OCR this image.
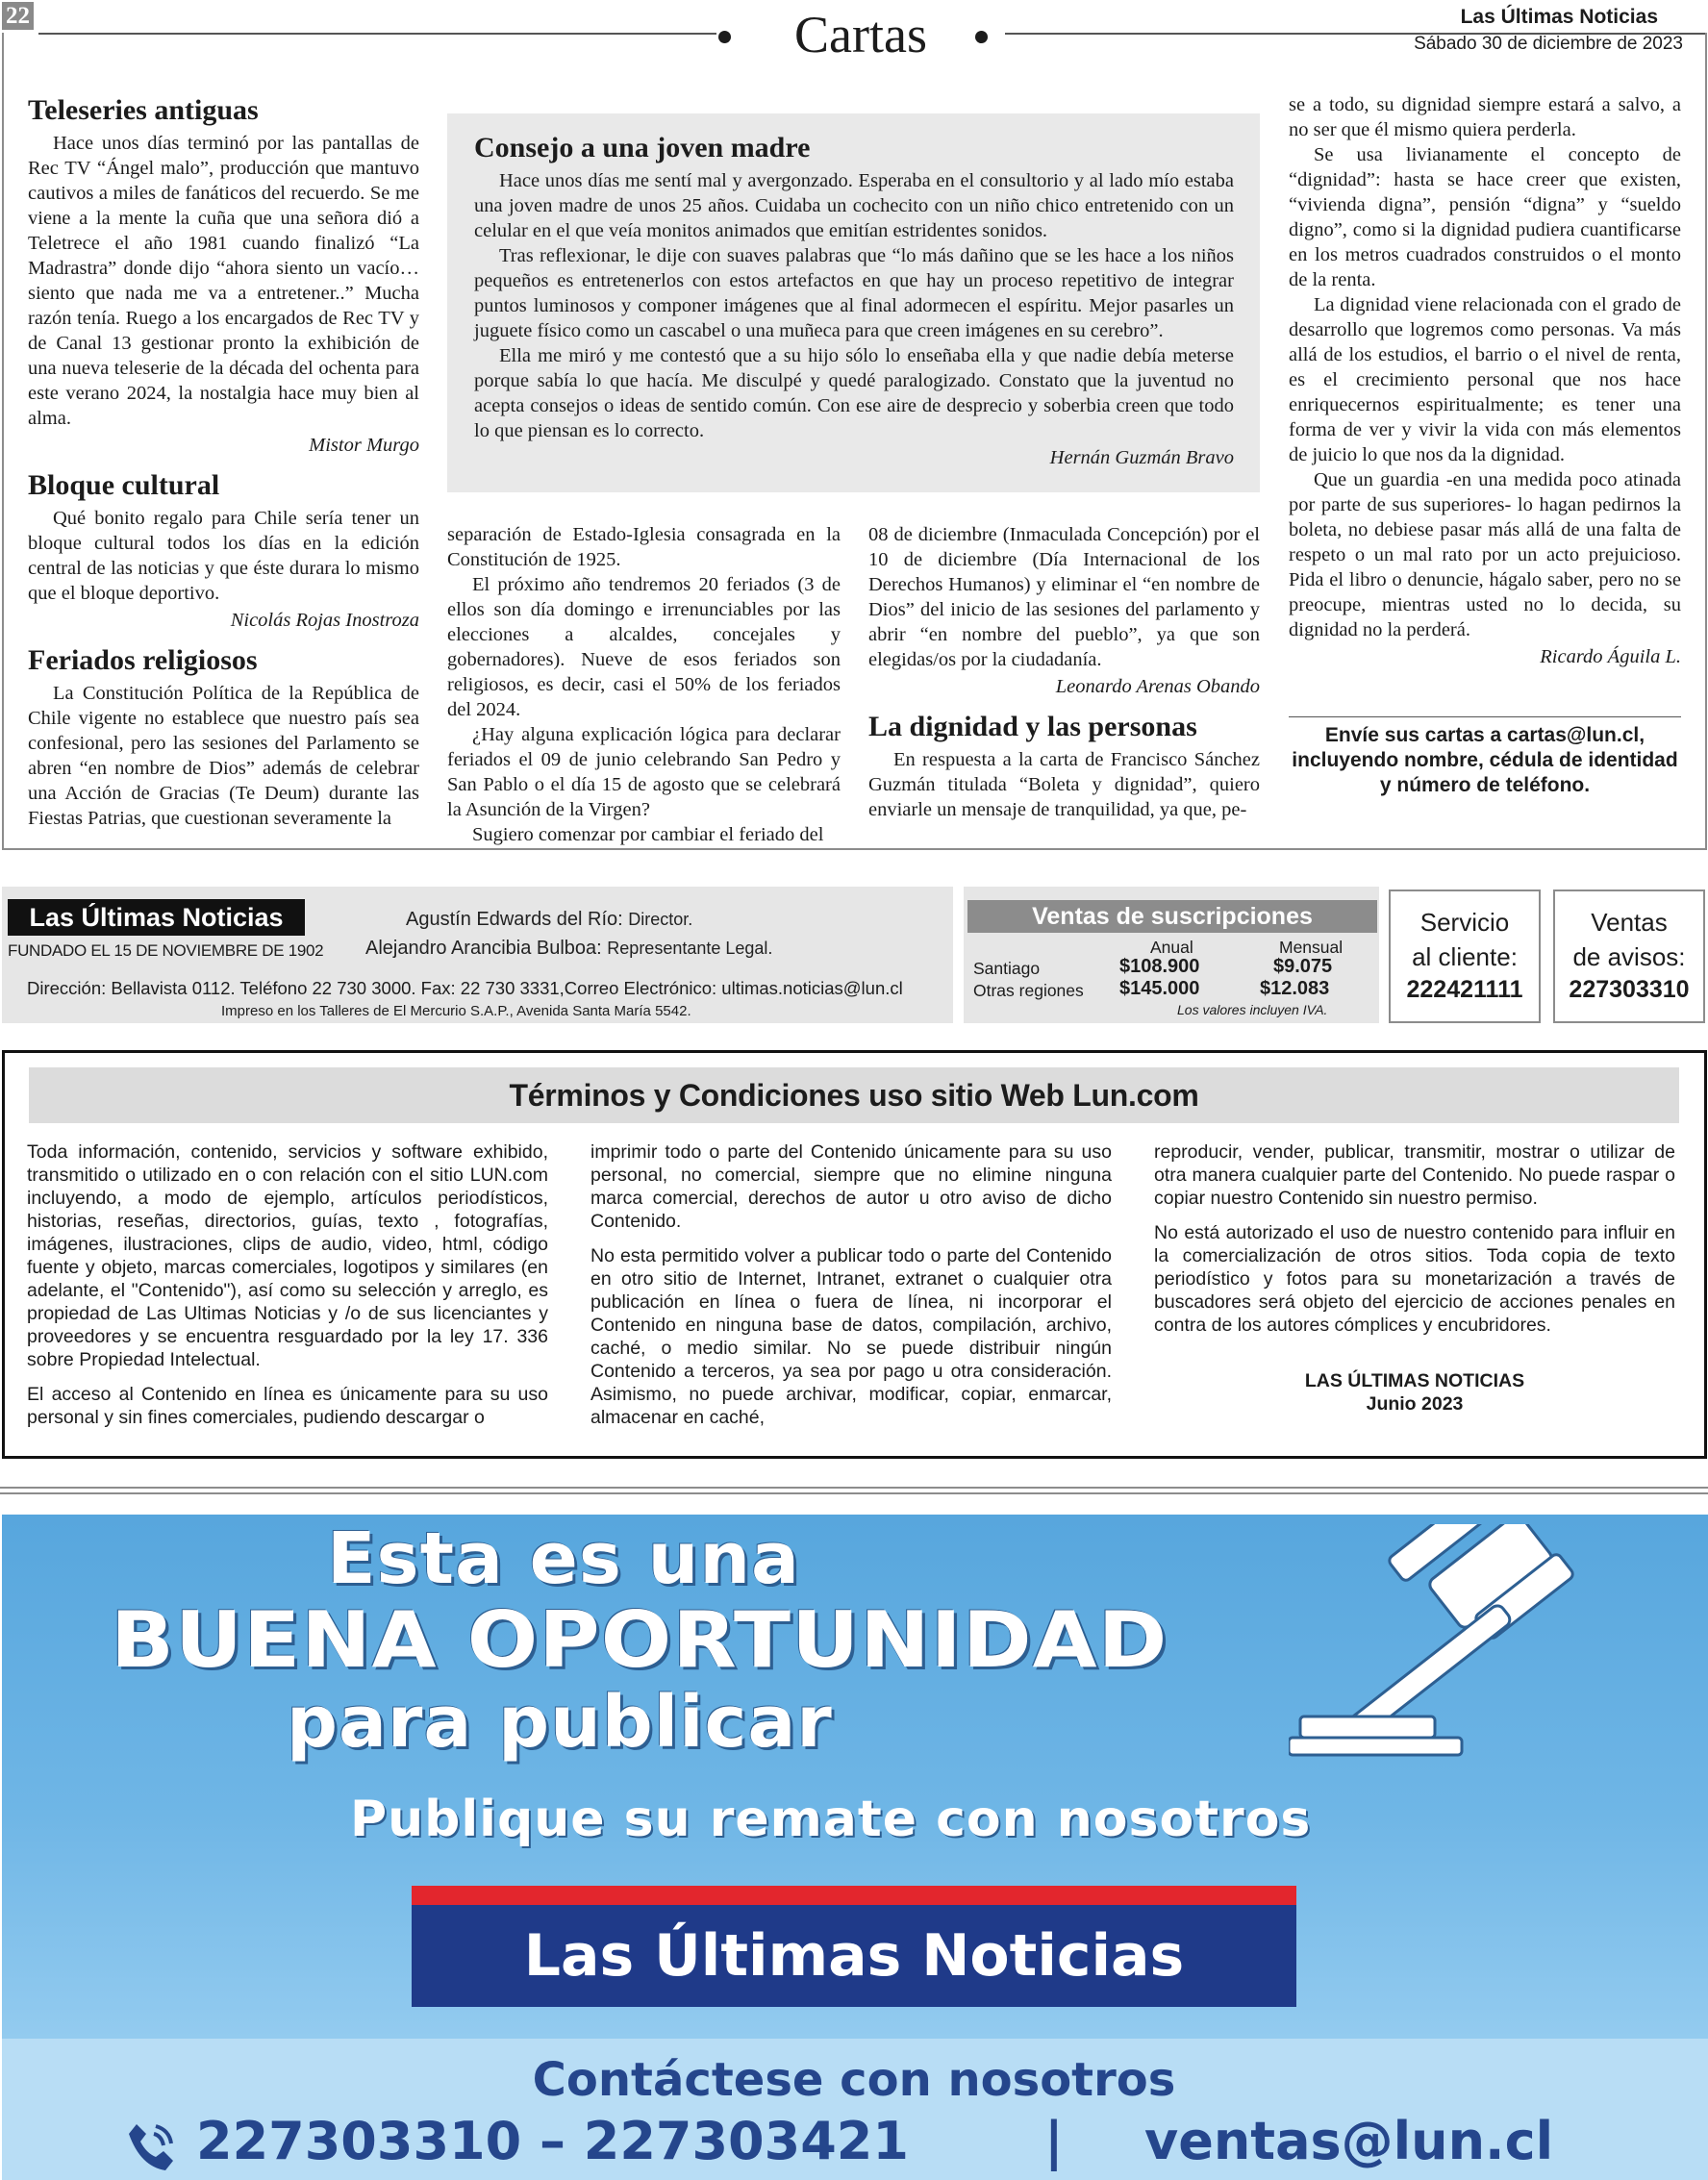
22	Cartas	Las Últimas Noticias
Sábado 30 de diciembre de 2023
Teleseries antiguas

Hace unos días terminó por las pantallas de Rec TV “Ángel malo”, producción que mantuvo cautivos a miles de fanáticos del recuerdo. Se me viene a la mente la cuña que una señora dió a Teletrece el año 1981 cuando finalizó “La Madrastra” donde dijo “ahora siento un vacío… siento que nada me va a entretener..” Mucha razón tenía. Ruego a los encargados de Rec TV y de Canal 13 gestionar pronto la exhibición de una nueva teleserie de la década del ochenta para este verano 2024, la nostalgia hace muy bien al alma.

Mistor Murgo

Bloque cultural

Qué bonito regalo para Chile sería tener un bloque cultural todos los días en la edición central de las noticias y que éste durara lo mismo que el bloque deportivo.

Nicolás Rojas Inostroza

Feriados religiosos

La Constitución Política de la República de Chile vigente no establece que nuestro país sea confesional, pero las sesiones del Parlamento se abren “en nombre de Dios” además de celebrar una Acción de Gracias (Te Deum) durante las Fiestas Patrias, que cuestionan severamente la

Consejo a una joven madre

Hace unos días me sentí mal y avergonzado. Esperaba en el consultorio y al lado mío estaba una joven madre de unos 25 años. Cuidaba un cochecito con un niño chico entretenido con un celular en el que veía monitos animados que emitían estridentes sonidos.

Tras reflexionar, le dije con suaves palabras que “lo más dañino que se les hace a los niños pequeños es entretenerlos con estos artefactos en que hay un proceso repetitivo de integrar puntos luminosos y componer imágenes que al final adormecen el espíritu. Mejor pasarles un juguete físico como un cascabel o una muñeca para que creen imágenes en su cerebro”.

Ella me miró y me contestó que a su hijo sólo lo enseñaba ella y que nadie debía meterse porque sabía lo que hacía. Me disculpé y quedé paralogizado. Constato que la juventud no acepta consejos o ideas de sentido común. Con ese aire de desprecio y soberbia creen que todo lo que piensan es lo correcto.

Hernán Guzmán Bravo

separación de Estado-Iglesia consagrada en la Constitución de 1925.

El próximo año tendremos 20 feriados (3 de ellos son día domingo e irrenunciables por las elecciones a alcaldes, concejales y gobernadores). Nueve de esos feriados son religiosos, es decir, casi el 50% de los feriados del 2024.

¿Hay alguna explicación lógica para declarar feriados el 09 de junio celebrando San Pedro y San Pablo o el día 15 de agosto que se celebrará la Asunción de la Virgen?

Sugiero comenzar por cambiar el feriado del

08 de diciembre (Inmaculada Concepción) por el 10 de diciembre (Día Internacional de los Derechos Humanos) y eliminar el “en nombre de Dios” del inicio de las sesiones del parlamento y abrir “en nombre del pueblo”, ya que son elegidas/os por la ciudadanía.

Leonardo Arenas Obando

La dignidad y las personas

En respuesta a la carta de Francisco Sánchez Guzmán titulada “Boleta y dignidad”, quiero enviarle un mensaje de tranquilidad, ya que, pe-

se a todo, su dignidad siempre estará a salvo, a no ser que él mismo quiera perderla.

Se usa livianamente el concepto de “dignidad”: hasta se hace creer que existen, “vivienda digna”, pensión “digna” y “sueldo digno”, como si la dignidad pudiera cuantificarse en los metros cuadrados construidos o el monto de la renta.

La dignidad viene relacionada con el grado de desarrollo que logremos como personas. Va más allá de los estudios, el barrio o el nivel de renta, es el crecimiento personal que nos hace enriquecernos espiritualmente; es tener una forma de ver y vivir la vida con más elementos de juicio lo que nos da la dignidad.

Que un guardia -en una medida poco atinada por parte de sus superiores- lo hagan pedirnos la boleta, no debiese pasar más allá de una falta de respeto o un mal rato por un acto prejuicioso. Pida el libro o denuncie, hágalo saber, pero no se preocupe, mientras usted no lo decida, su dignidad no la perderá.

Ricardo Águila L.

Envíe sus cartas a cartas@lun.cl, incluyendo nombre, cédula de identidad y número de teléfono.
Las Últimas Noticias
FUNDADO EL 15 DE NOVIEMBRE DE 1902
Agustín Edwards del Río: Director.
Alejandro Arancibia Bulboa: Representante Legal.
Dirección: Bellavista 0112. Teléfono 22 730 3000. Fax: 22 730 3331,Correo Electrónico: ultimas.noticias@lun.cl
Impreso en los Talleres de El Mercurio S.A.P., Avenida Santa María 5542.
Ventas de suscripciones
Anual	Mensual
Santiago	$108.900	$9.075
Otras regiones $145.000	$12.083
Los valores incluyen IVA.
Servicio
al cliente:
222421111
Ventas
de avisos:
227303310
Términos y Condiciones uso sitio Web Lun.com

Toda información, contenido, servicios y software exhibido, transmitido o utilizado en o con relación con el sitio LUN.com incluyendo, a modo de ejemplo, artículos periodísticos, historias, reseñas, directorios, guías, texto , fotografías, imágenes, ilustraciones, clips de audio, video, html, código fuente y objeto, marcas comerciales, logotipos y similares (en adelante, el "Contenido"), así como su selección y arreglo, es propiedad de Las Ultimas Noticias y /o de sus licenciantes y proveedores y se encuentra resguardado por la ley 17. 336 sobre Propiedad Intelectual.

El acceso al Contenido en línea es únicamente para su uso personal y sin fines comerciales, pudiendo descargar o

imprimir todo o parte del Contenido únicamente para su uso personal, no comercial, siempre que no elimine ninguna marca comercial, derechos de autor u otro aviso de dicho Contenido.

No esta permitido volver a publicar todo o parte del Contenido en otro sitio de Internet, Intranet, extranet o cualquier otra publicación en línea o fuera de línea, ni incorporar el Contenido en ninguna base de datos, compilación, archivo, caché, o medio similar. No se puede distribuir ningún Contenido a terceros, ya sea por pago u otra consideración. Asimismo, no puede archivar, modificar, copiar, enmarcar, almacenar en caché,

reproducir, vender, publicar, transmitir, mostrar o utilizar de otra manera cualquier parte del Contenido. No puede raspar o copiar nuestro Contenido sin nuestro permiso.

No está autorizado el uso de nuestro contenido para influir en la comercialización de otros sitios. Toda copia de texto periodístico y fotos para su monetarización a través de buscadores será objeto del ejercicio de acciones penales en contra de los autores cómplices y encubridores.

LAS ÚLTIMAS NOTICIAS
Junio 2023
Esta es una
BUENA OPORTUNIDAD
para publicar
Publique su remate con nosotros
Las Últimas Noticias
Contáctese con nosotros
227303310 – 227303421	| ventas@lun.cl
